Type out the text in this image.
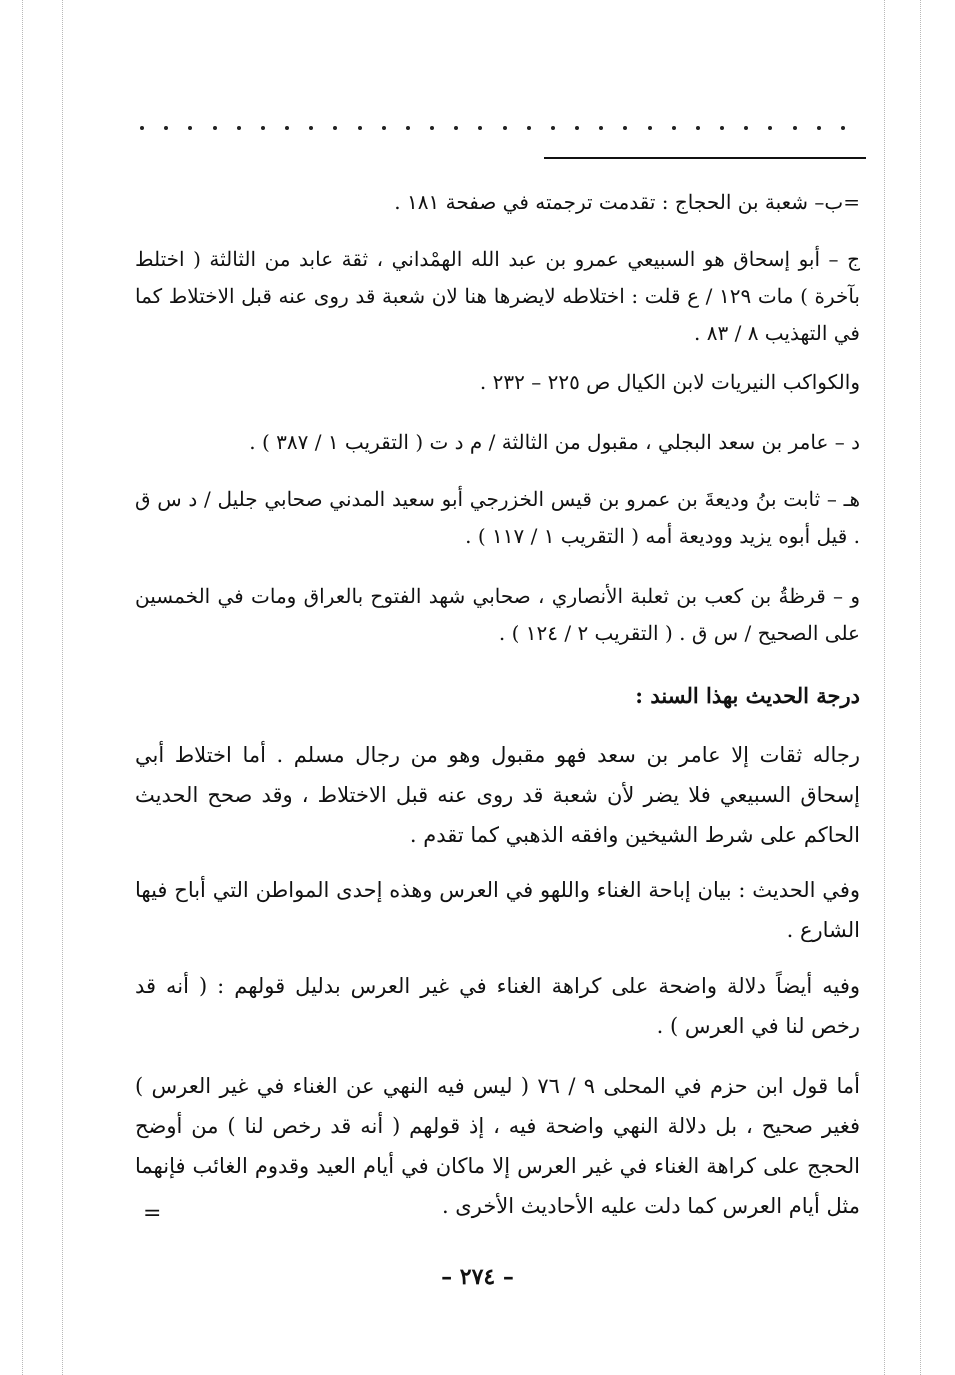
=ب– شعبة بن الحجاج : تقدمت ترجمته في صفحة ١٨١ .
ج – أبو إسحاق هو السبيعي عمرو بن عبد الله الهمْداني ، ثقة عابد من الثالثة ( اختلط بآخرة ) مات ١٢٩ / ع قلت : اختلاطه لايضرها هنا لان شعبة قد روى عنه قبل الاختلاط كما في التهذيب ٨ / ٨٣ .
والكواكب النيريات لابن الكيال ص ٢٢٥ – ٢٣٢ .
د – عامر بن سعد البجلي ، مقبول من الثالثة / م د ت ( التقريب ١ / ٣٨٧ ) .
هـ – ثابت بنُ وديعةَ بن عمرو بن قيس الخزرجي أبو سعيد المدني صحابي جليل / د س ق . قيل أبوه يزيد ووديعة أمه ( التقريب ١ / ١١٧ ) .
و – قرظةُ بن كعب بن ثعلبة الأنصاري ، صحابي شهد الفتوح بالعراق ومات في الخمسين على الصحيح / س ق . ( التقريب ٢ / ١٢٤ ) .
درجة الحديث بهذا السند :
رجاله ثقات إلا عامر بن سعد فهو مقبول وهو من رجال مسلم . أما اختلاط أبي إسحاق السبيعي فلا يضر لأن شعبة قد روى عنه قبل الاختلاط ، وقد صحح الحديث الحاكم على شرط الشيخين وافقه الذهبي كما تقدم .
وفي الحديث : بيان إباحة الغناء واللهو في العرس وهذه إحدى المواطن التي أباح فيها الشارع .
وفيه أيضاً دلالة واضحة على كراهة الغناء في غير العرس بدليل قولهم : ( أنه قد رخص لنا في العرس ) .
أما قول ابن حزم في المحلى ٩ / ٧٦ ( ليس فيه النهي عن الغناء في غير العرس ) فغير صحيح ، بل دلالة النهي واضحة فيه ، إذ قولهم ( أنه قد رخص لنا ) من أوضح الحجج على كراهة الغناء في غير العرس إلا ماكان في أيام العيد وقدوم الغائب فإنهما مثل أيام العرس كما دلت عليه الأحاديث الأخرى .
=
– ٢٧٤ –
